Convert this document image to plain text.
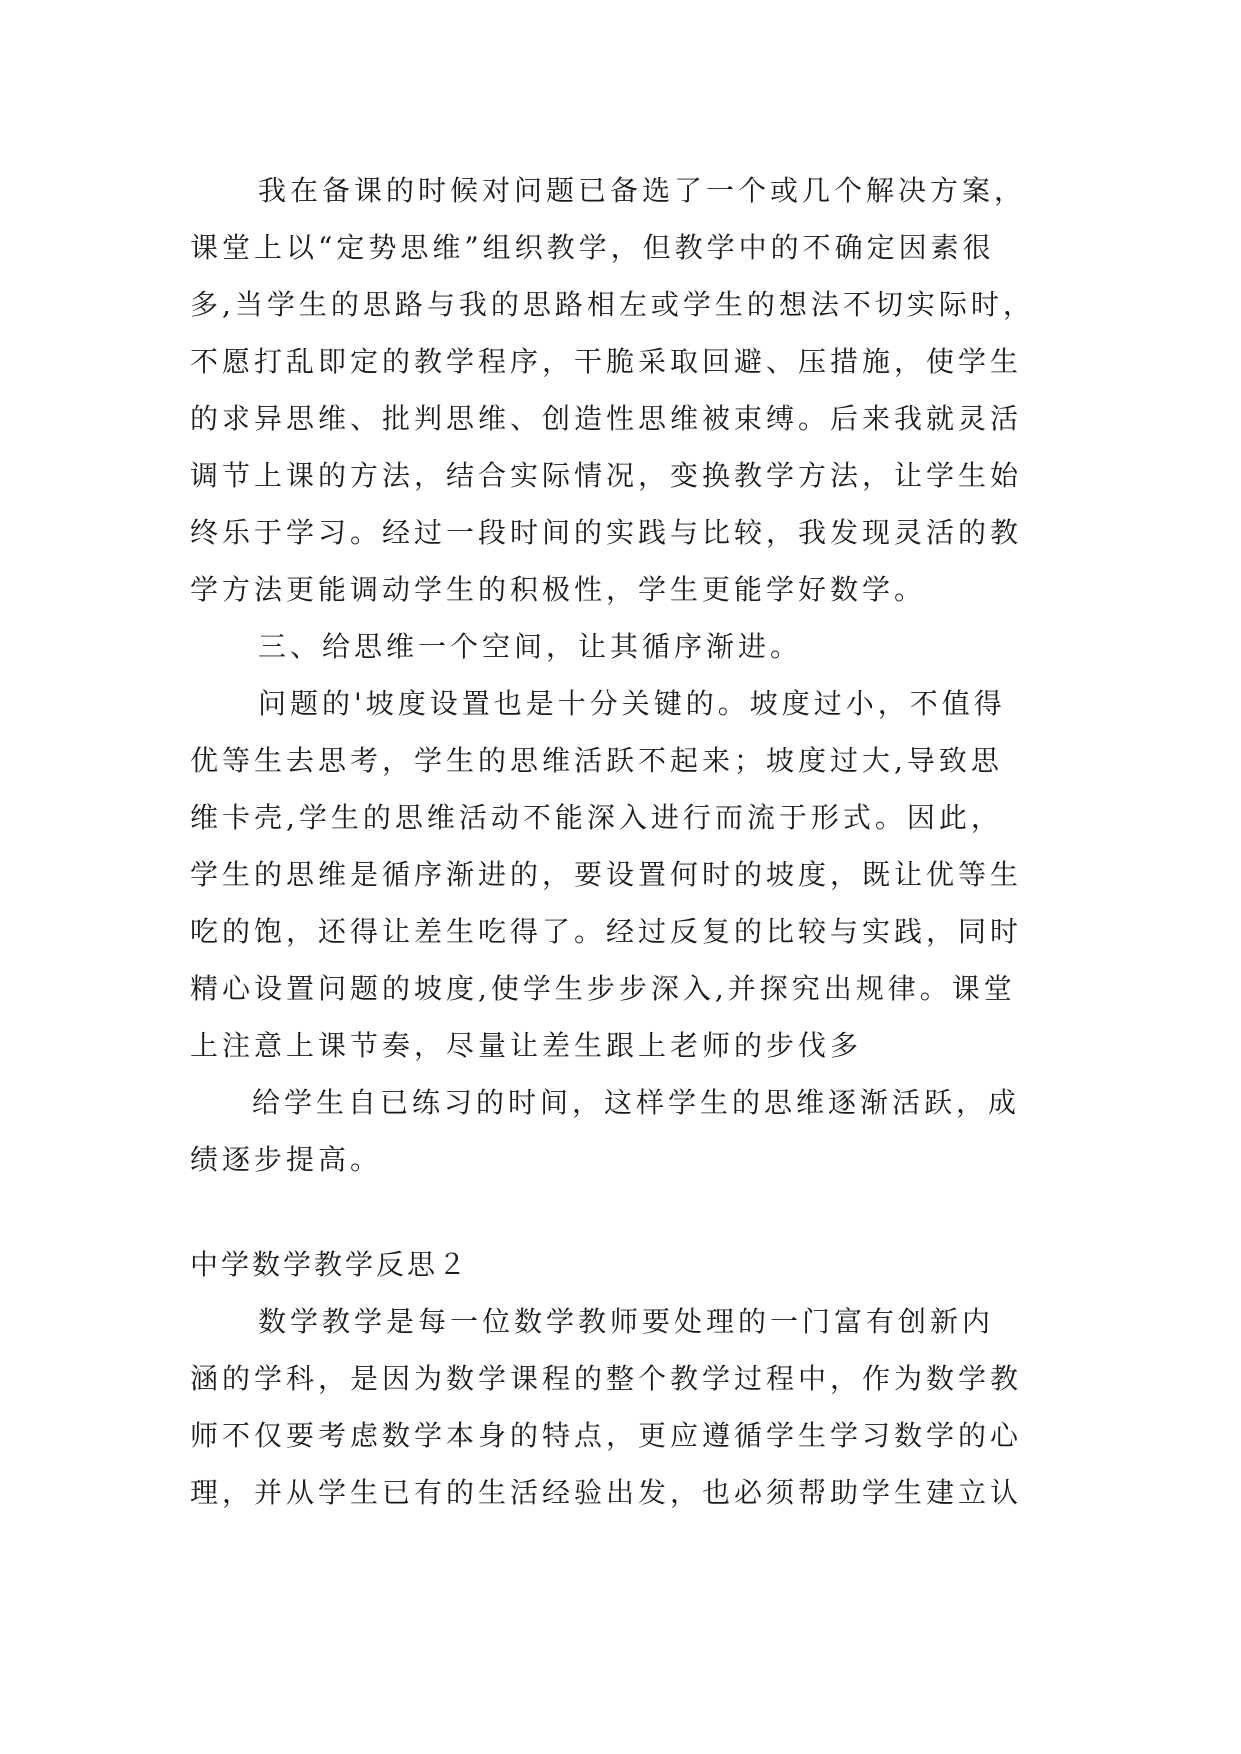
我在备课的时候对问题已备选了一个或几个解决方案，
课堂上以“定势思维”组织教学，但教学中的不确定因素很
多,当学生的思路与我的思路相左或学生的想法不切实际时，
不愿打乱即定的教学程序，干脆采取回避、压措施，使学生
的求异思维、批判思维、创造性思维被束缚。后来我就灵活
调节上课的方法，结合实际情况，变换教学方法，让学生始
终乐于学习。经过一段时间的实践与比较，我发现灵活的教
学方法更能调动学生的积极性，学生更能学好数学。
三、给思维一个空间，让其循序渐进。
问题的'坡度设置也是十分关键的。坡度过小，不值得
优等生去思考，学生的思维活跃不起来；坡度过大,导致思
维卡壳,学生的思维活动不能深入进行而流于形式。因此，
学生的思维是循序渐进的，要设置何时的坡度，既让优等生
吃的饱，还得让差生吃得了。经过反复的比较与实践，同时
精心设置问题的坡度,使学生步步深入,并探究出规律。课堂
上注意上课节奏，尽量让差生跟上老师的步伐多
给学生自已练习的时间，这样学生的思维逐渐活跃，成
绩逐步提高。
中学数学教学反思２
数学教学是每一位数学教师要处理的一门富有创新内
涵的学科，是因为数学课程的整个教学过程中，作为数学教
师不仅要考虑数学本身的特点，更应遵循学生学习数学的心
理，并从学生已有的生活经验出发，也必须帮助学生建立认
